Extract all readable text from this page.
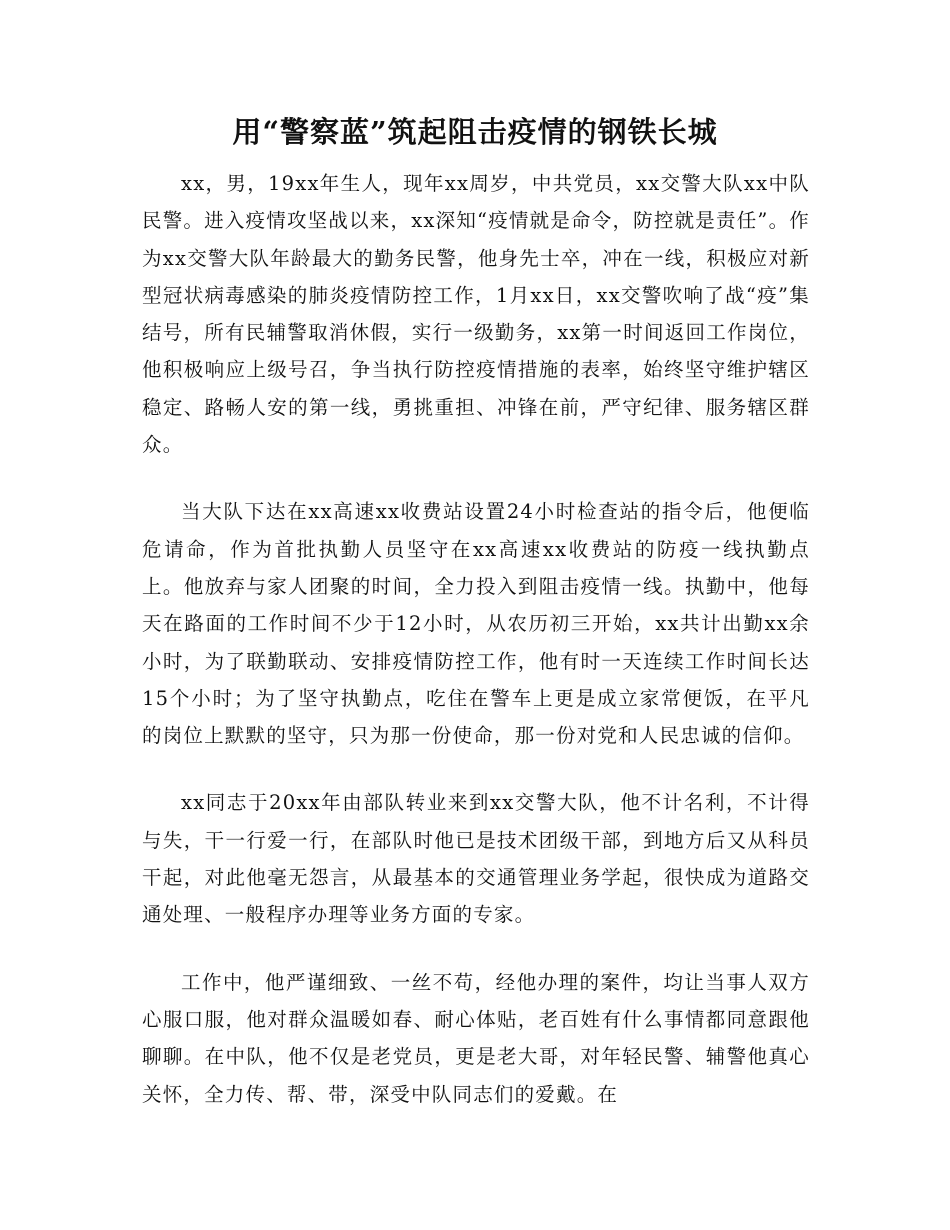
用“警察蓝”筑起阻击疫情的钢铁长城

xx，男，19xx年生人，现年xx周岁，中共党员，xx交警大队xx中队民警。进入疫情攻坚战以来，xx深知“疫情就是命令，防控就是责任”。作为xx交警大队年龄最大的勤务民警，他身先士卒，冲在一线，积极应对新型冠状病毒感染的肺炎疫情防控工作，1月xx日，xx交警吹响了战“疫”集结号，所有民辅警取消休假，实行一级勤务，xx第一时间返回工作岗位，他积极响应上级号召，争当执行防控疫情措施的表率，始终坚守维护辖区稳定、路畅人安的第一线，勇挑重担、冲锋在前，严守纪律、服务辖区群众。

当大队下达在xx高速xx收费站设置24小时检查站的指令后，他便临危请命，作为首批执勤人员坚守在xx高速xx收费站的防疫一线执勤点上。他放弃与家人团聚的时间，全力投入到阻击疫情一线。执勤中，他每天在路面的工作时间不少于12小时，从农历初三开始，xx共计出勤xx余小时，为了联勤联动、安排疫情防控工作，他有时一天连续工作时间长达15个小时；为了坚守执勤点，吃住在警车上更是成立家常便饭，在平凡的岗位上默默的坚守，只为那一份使命，那一份对党和人民忠诚的信仰。

xx同志于20xx年由部队转业来到xx交警大队，他不计名利，不计得与失，干一行爱一行，在部队时他已是技术团级干部，到地方后又从科员干起，对此他毫无怨言，从最基本的交通管理业务学起，很快成为道路交通处理、一般程序办理等业务方面的专家。

工作中，他严谨细致、一丝不苟，经他办理的案件，均让当事人双方心服口服，他对群众温暖如春、耐心体贴，老百姓有什么事情都同意跟他聊聊。在中队，他不仅是老党员，更是老大哥，对年轻民警、辅警他真心关怀，全力传、帮、带，深受中队同志们的爱戴。在
